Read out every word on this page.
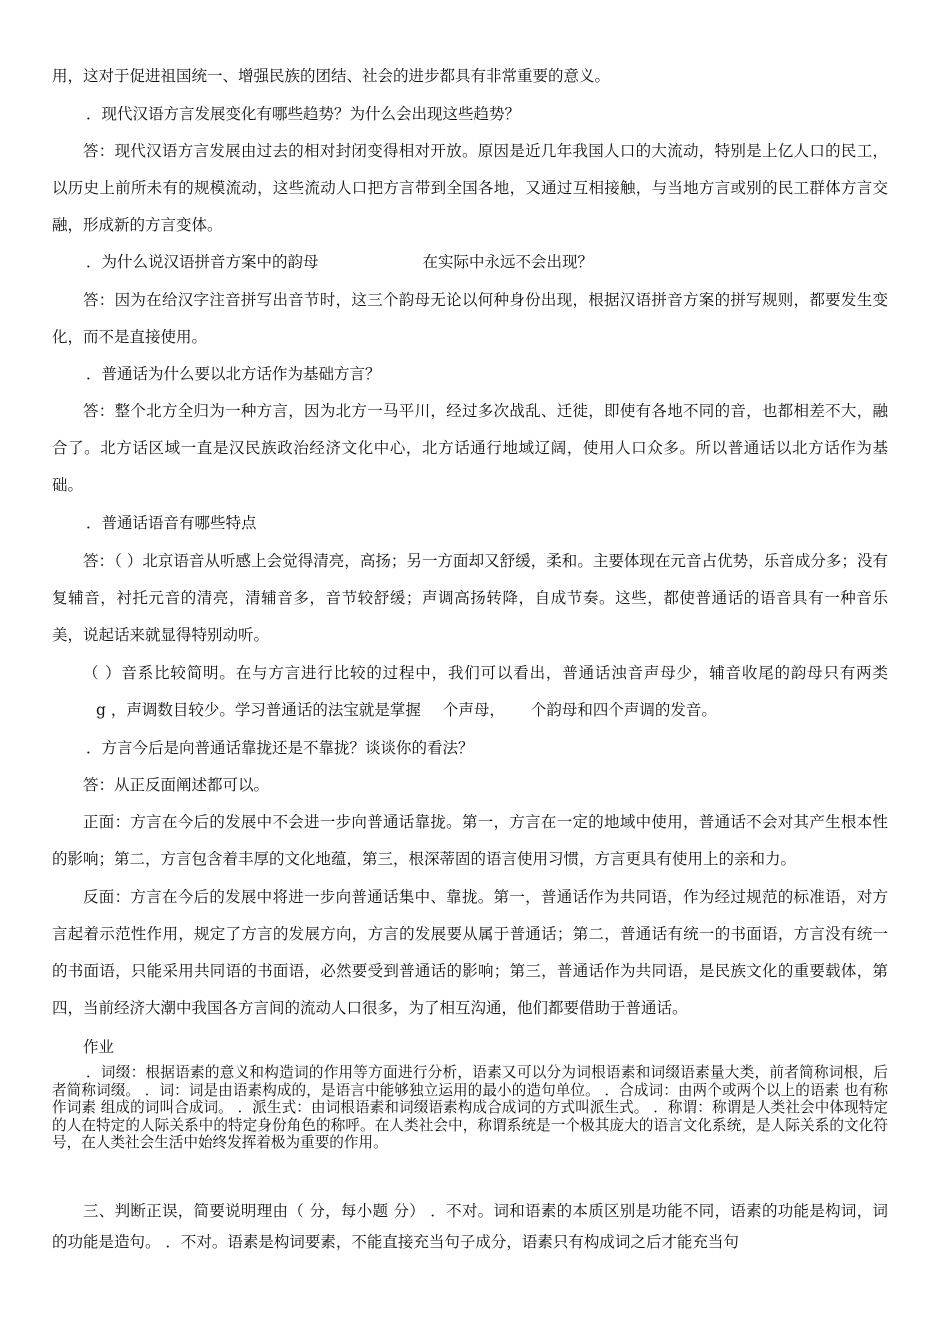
用，这对于促进祖国统一、增强民族的团结、社会的进步都具有非常重要的意义。

．现代汉语方言发展变化有哪些趋势？为什么会出现这些趋势？

答：现代汉语方言发展由过去的相对封闭变得相对开放。原因是近几年我国人口的大流动，特别是上亿人口的民工，以历史上前所未有的规模流动，这些流动人口把方言带到全国各地，又通过互相接触，与当地方言或别的民工群体方言交融，形成新的方言变体。

．为什么说汉语拼音方案中的韵母	在实际中永远不会出现？

答：因为在给汉字注音拼写出音节时，这三个韵母无论以何种身份出现，根据汉语拼音方案的拼写规则，都要发生变化，而不是直接使用。

．普通话为什么要以北方话作为基础方言？

答：整个北方全归为一种方言，因为北方一马平川，经过多次战乱、迁徙，即使有各地不同的音，也都相差不大，融合了。北方话区域一直是汉民族政治经济文化中心，北方话通行地域辽阔，使用人口众多。所以普通话以北方话作为基础。

．普通话语音有哪些特点

答：（ ）北京语音从听感上会觉得清亮，高扬；另一方面却又舒缓，柔和。主要体现在元音占优势，乐音成分多；没有复辅音，衬托元音的清亮，清辅音多，音节较舒缓；声调高扬转降，自成节奏。这些，都使普通话的语音具有一种音乐美，说起话来就显得特别动听。

（ ）音系比较简明。在与方言进行比较的过程中，我们可以看出，普通话浊音声母少，辅音收尾的韵母只有两类g ，声调数目较少。学习普通话的法宝就是掌握 个声母， 个韵母和四个声调的发音。

．方言今后是向普通话靠拢还是不靠拢？谈谈你的看法？

答：从正反面阐述都可以。

正面：方言在今后的发展中不会进一步向普通话靠拢。第一，方言在一定的地域中使用，普通话不会对其产生根本性的影响；第二，方言包含着丰厚的文化地蕴，第三，根深蒂固的语言使用习惯，方言更具有使用上的亲和力。

反面：方言在今后的发展中将进一步向普通话集中、靠拢。第一，普通话作为共同语，作为经过规范的标准语，对方言起着示范性作用，规定了方言的发展方向，方言的发展要从属于普通话；第二，普通话有统一的书面语，方言没有统一的书面语，只能采用共同语的书面语，必然要受到普通话的影响；第三，普通话作为共同语，是民族文化的重要载体，第四，当前经济大潮中我国各方言间的流动人口很多，为了相互沟通，他们都要借助于普通话。

作业

．词缀：根据语素的意义和构造词的作用等方面进行分析，语素又可以分为词根语素和词缀语素量大类，前者简称词根，后者简称词缀。 ．词：词是由语素构成的，是语言中能够独立运用的最小的造句单位。 ．合成词：由两个或两个以上的语素 也有称作词素 组成的词叫合成词。 ．派生式：由词根语素和词缀语素构成合成词的方式叫派生式。 ．称谓：称谓是人类社会中体现特定的人在特定的人际关系中的特定身份角色的称呼。在人类社会中，称谓系统是一个极其庞大的语言文化系统，是人际关系的文化符号，在人类社会生活中始终发挥着极为重要的作用。

三、判断正误，简要说明理由（ 分，每小题 分） ．不对。词和语素的本质区别是功能不同，语素的功能是构词，词的功能是造句。 ．不对。语素是构词要素，不能直接充当句子成分，语素只有构成词之后才能充当句
